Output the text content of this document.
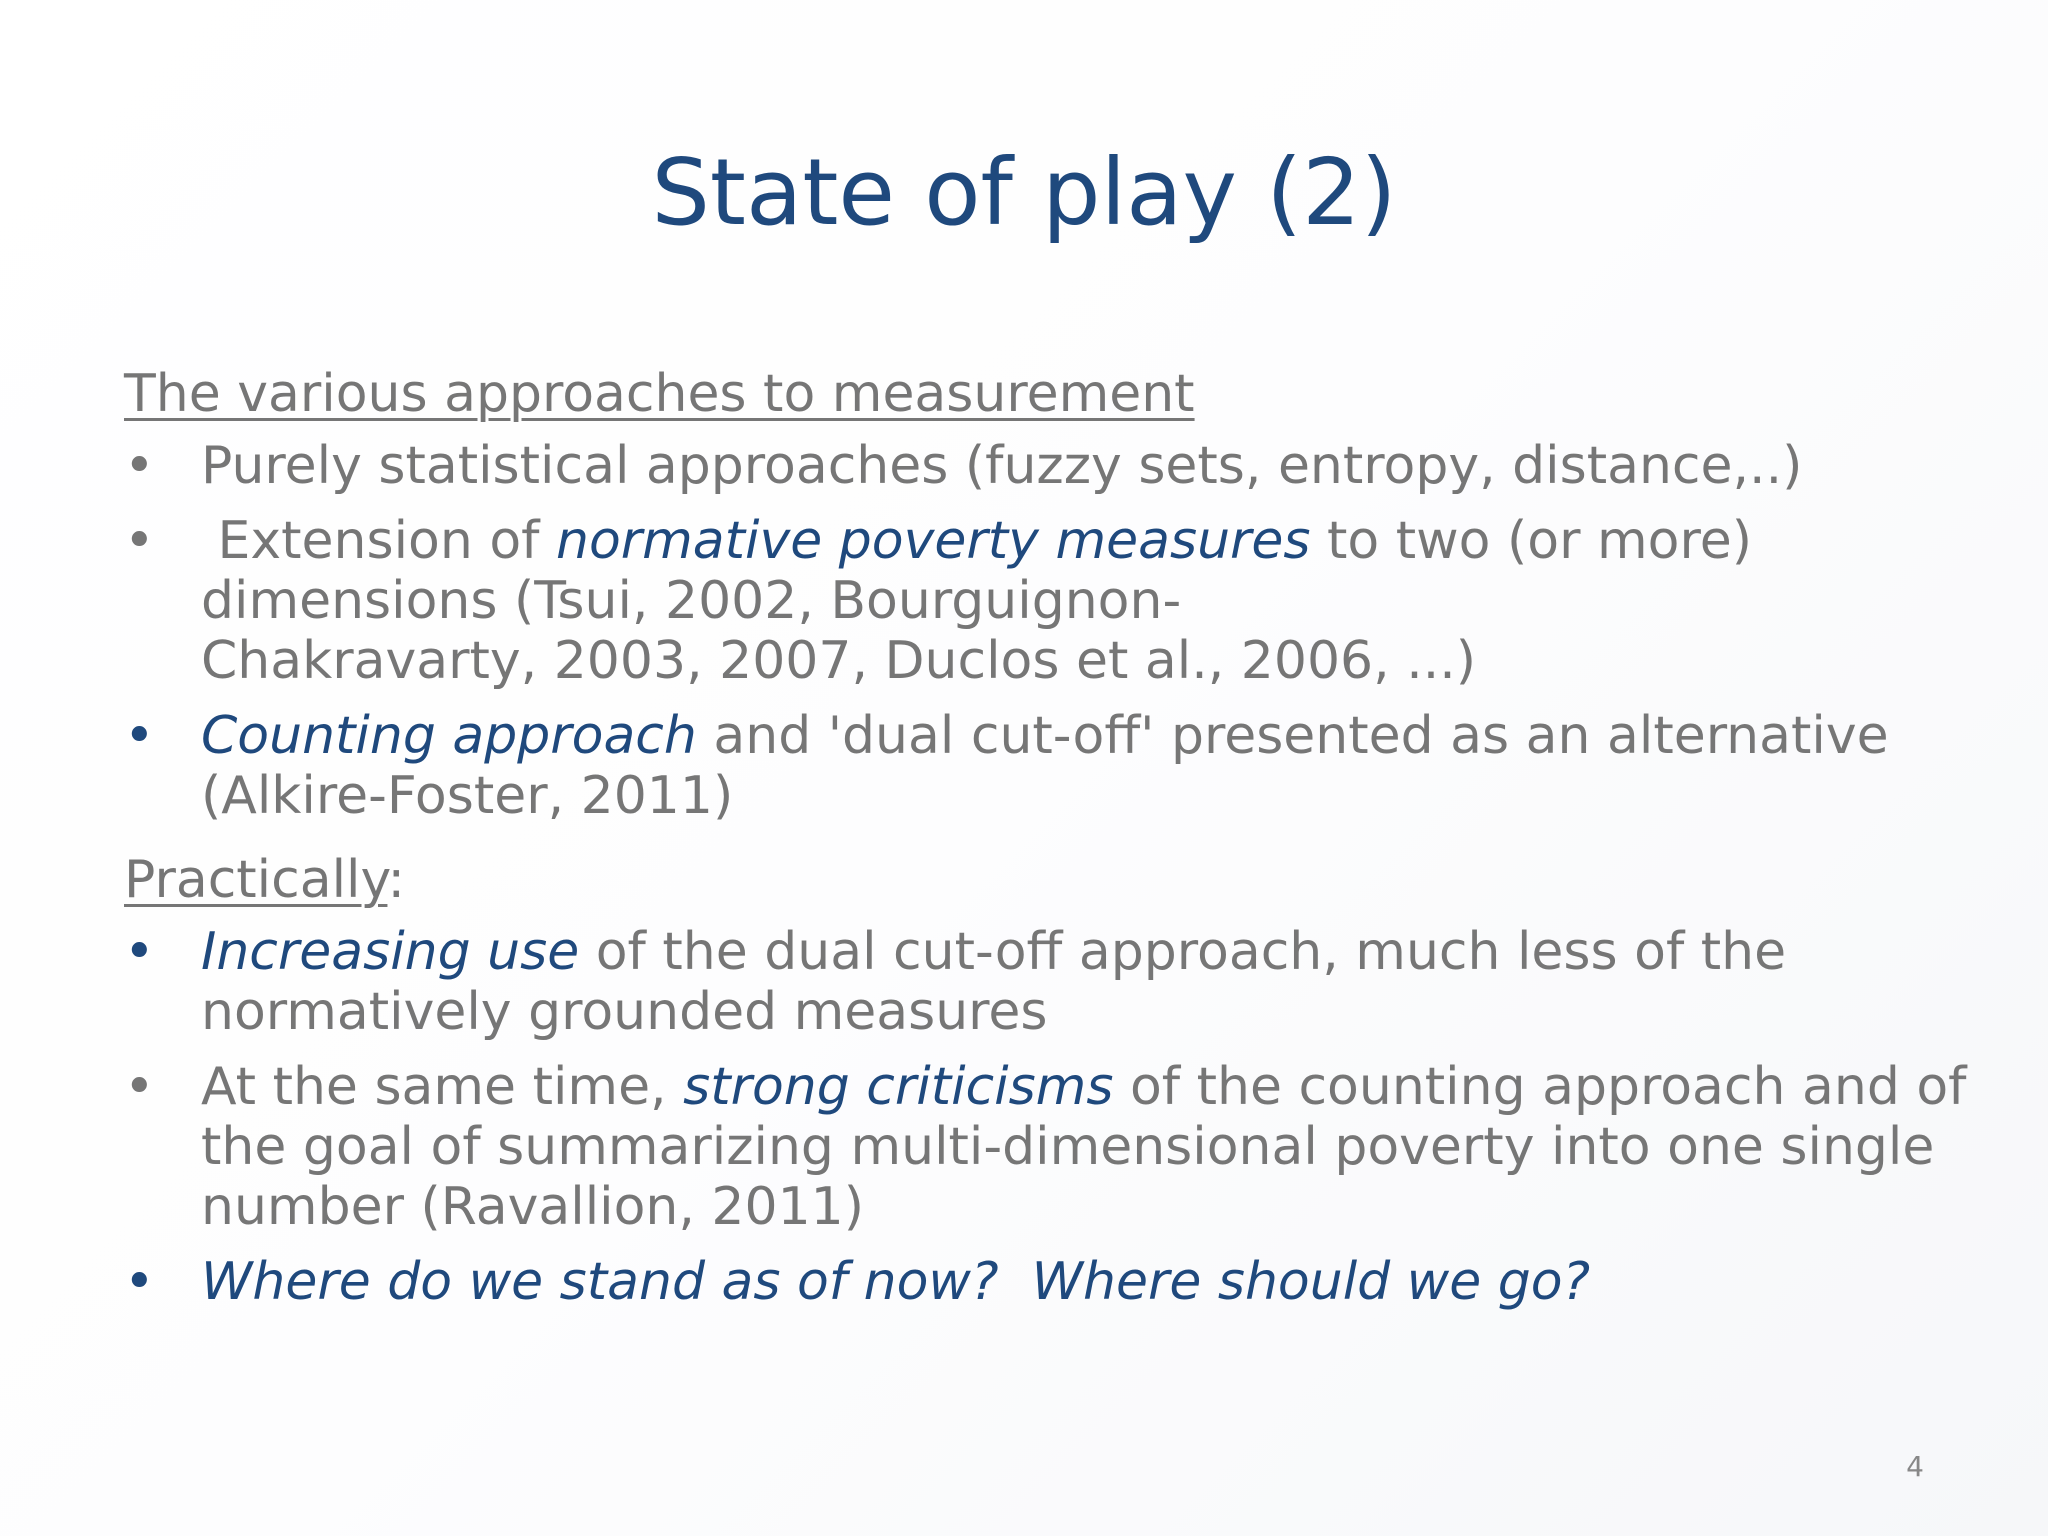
State of play (2)
The various approaches to measurement
• Purely statistical approaches (fuzzy sets, entropy, distance,..)
• Extension of normative poverty measures to two (or more)
dimensions (Tsui, 2002, Bourguignon-
Chakravarty, 2003, 2007, Duclos et al., 2006, ...)
• Counting approach and 'dual cut-off' presented as an alternative
(Alkire-Foster, 2011)
Practically:
• Increasing use of the dual cut-off approach, much less of the
normatively grounded measures
• At the same time, strong criticisms of the counting approach and of
the goal of summarizing multi-dimensional poverty into one single
number (Ravallion, 2011)
• Where do we stand as of now?  Where should we go?
4
